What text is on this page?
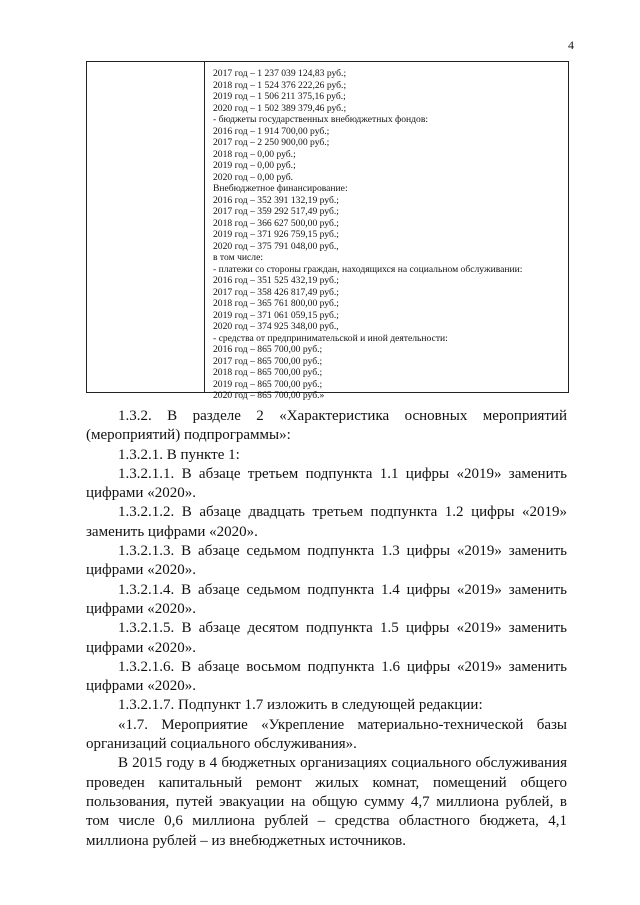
4
2017 год – 1 237 039 124,83 руб.;
2018 год – 1 524 376 222,26 руб.;
2019 год – 1 506 211 375,16 руб.;
2020 год – 1 502 389 379,46 руб.;
- бюджеты государственных внебюджетных фондов:
2016 год – 1 914 700,00 руб.;
2017 год – 2 250 900,00 руб.;
2018 год – 0,00 руб.;
2019 год – 0,00 руб.;
2020 год – 0,00 руб.
Внебюджетное финансирование:
2016 год – 352 391 132,19 руб.;
2017 год – 359 292 517,49 руб.;
2018 год – 366 627 500,00 руб.;
2019 год – 371 926 759,15 руб.;
2020 год – 375 791 048,00 руб.,
в том числе:
- платежи со стороны граждан, находящихся на социальном обслуживании:
2016 год – 351 525 432,19 руб.;
2017 год – 358 426 817,49 руб.;
2018 год – 365 761 800,00 руб.;
2019 год – 371 061 059,15 руб.;
2020 год – 374 925 348,00 руб.,
- средства от предпринимательской и иной деятельности:
2016 год – 865 700,00 руб.;
2017 год – 865 700,00 руб.;
2018 год – 865 700,00 руб.;
2019 год – 865 700,00 руб.;
2020 год – 865 700,00 руб.»

1.3.2. В разделе 2 «Характеристика основных мероприятий (мероприятий) подпрограммы»:

1.3.2.1. В пункте 1:

1.3.2.1.1. В абзаце третьем подпункта 1.1 цифры «2019» заменить цифрами «2020».

1.3.2.1.2. В абзаце двадцать третьем подпункта 1.2 цифры «2019» заменить цифрами «2020».

1.3.2.1.3. В абзаце седьмом подпункта 1.3 цифры «2019» заменить цифрами «2020».

1.3.2.1.4. В абзаце седьмом подпункта 1.4 цифры «2019» заменить цифрами «2020».

1.3.2.1.5. В абзаце десятом подпункта 1.5 цифры «2019» заменить цифрами «2020».

1.3.2.1.6. В абзаце восьмом подпункта 1.6 цифры «2019» заменить цифрами «2020».

1.3.2.1.7. Подпункт 1.7 изложить в следующей редакции:

«1.7. Мероприятие «Укрепление материально-технической базы организаций социального обслуживания».

В 2015 году в 4 бюджетных организациях социального обслуживания проведен капитальный ремонт жилых комнат, помещений общего пользования, путей эвакуации на общую сумму 4,7 миллиона рублей, в том числе 0,6 миллиона рублей – средства областного бюджета, 4,1 миллиона рублей – из внебюджетных источников.
